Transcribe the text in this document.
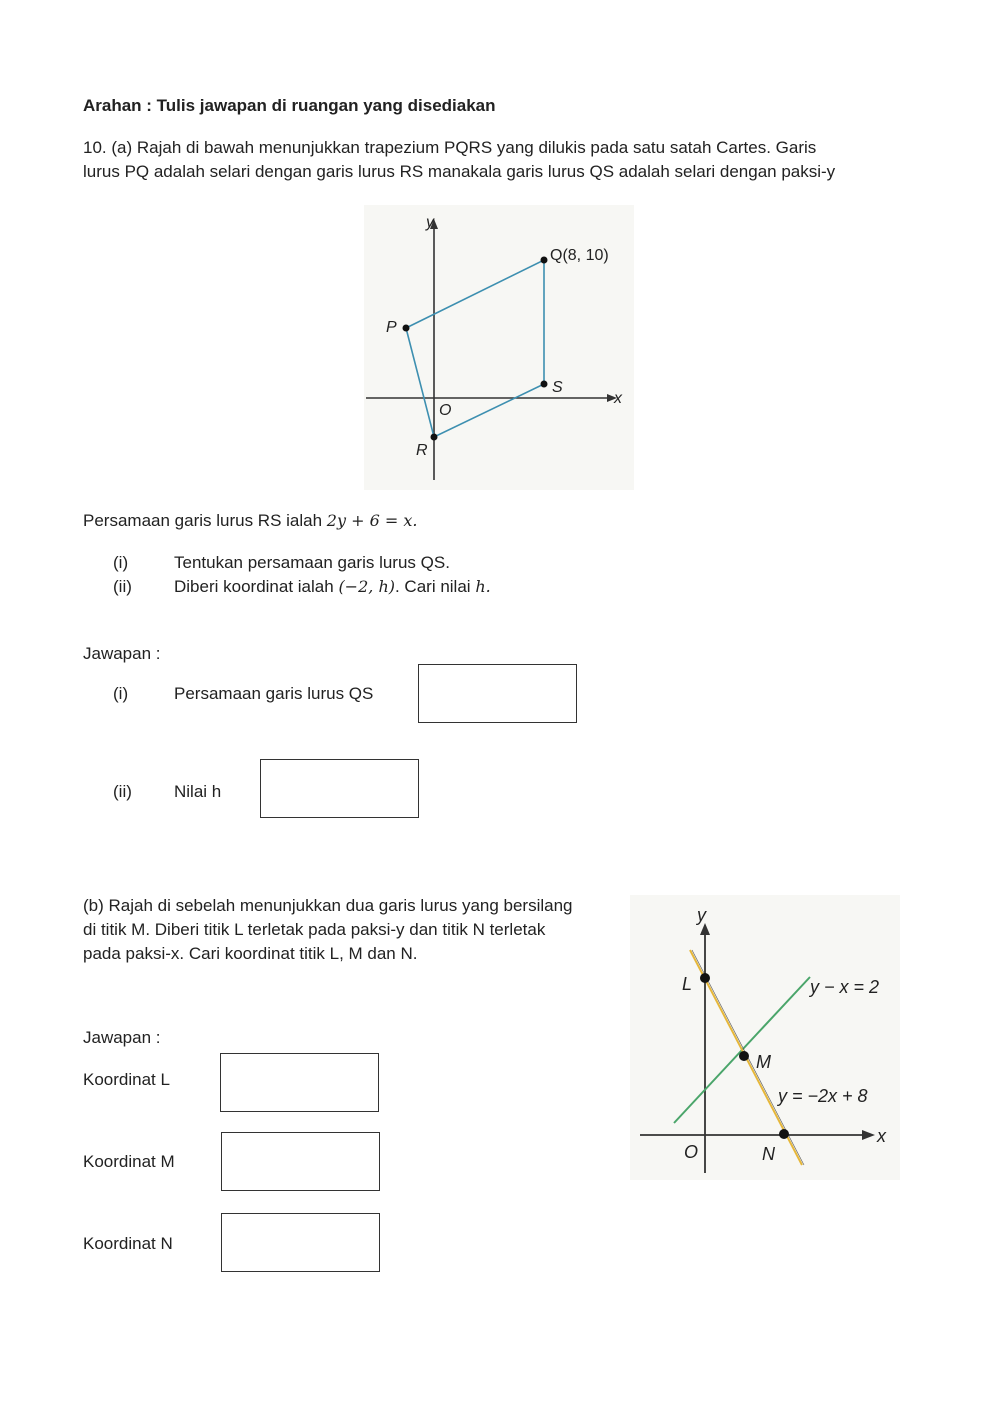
Arahan : Tulis jawapan di ruangan yang disediakan
10. (a) Rajah di bawah menunjukkan trapezium PQRS yang dilukis pada satu satah Cartes. Garis
lurus PQ adalah selari dengan garis lurus RS manakala garis lurus QS adalah selari dengan paksi-y
y
x
O
P
Q(8, 10)
S
R
Persamaan garis lurus RS ialah 2y + 6 = x.
(i)	Tentukan persamaan garis lurus QS.
(ii) Diberi koordinat ialah (−2, h). Cari nilai h.
Jawapan :
(i)	Persamaan garis lurus QS
(ii) Nilai h
(b) Rajah di sebelah menunjukkan dua garis lurus yang bersilang
di titik M. Diberi titik L terletak pada paksi-y dan titik N terletak
pada paksi-x. Cari koordinat titik L, M dan N.
y
x
O
L
M
N
y − x = 2
y = −2x + 8
Jawapan :
Koordinat L
Koordinat M
Koordinat N
